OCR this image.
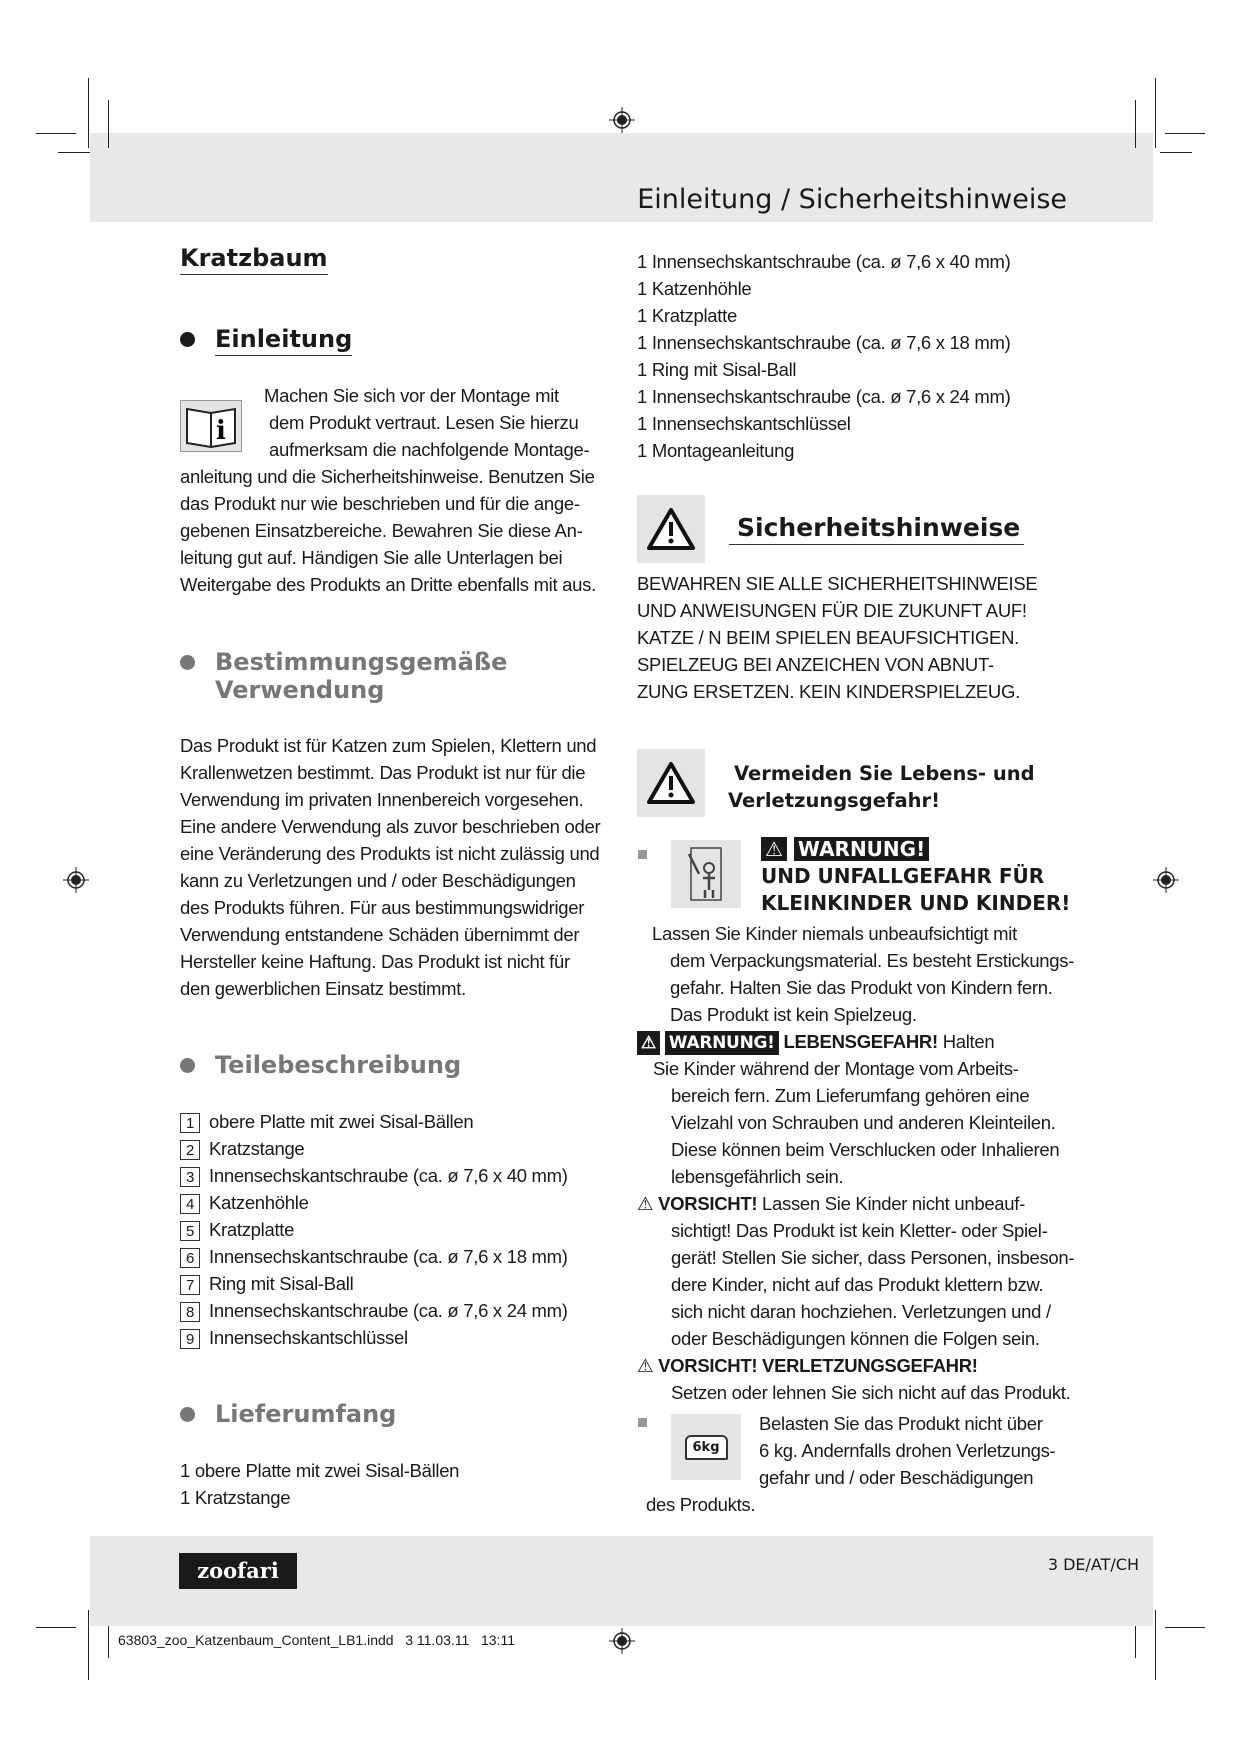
Einleitung / Sicherheitshinweise
Kratzbaum
Einleitung
i
Machen Sie sich vor der Montage mit
dem Produkt vertraut. Lesen Sie hierzu
aufmerksam die nachfolgende Montage-
anleitung und die Sicherheitshinweise. Benutzen Sie
das Produkt nur wie beschrieben und für die ange-
gebenen Einsatzbereiche. Bewahren Sie diese An-
leitung gut auf. Händigen Sie alle Unterlagen bei
Weitergabe des Produkts an Dritte ebenfalls mit aus.
Bestimmungsgemäße
Verwendung
Das Produkt ist für Katzen zum Spielen, Klettern und
Krallenwetzen bestimmt. Das Produkt ist nur für die
Verwendung im privaten Innenbereich vorgesehen.
Eine andere Verwendung als zuvor beschrieben oder
eine Veränderung des Produkts ist nicht zulässig und
kann zu Verletzungen und / oder Beschädigungen
des Produkts führen. Für aus bestimmungswidriger
Verwendung entstandene Schäden übernimmt der
Hersteller keine Haftung. Das Produkt ist nicht für
den gewerblichen Einsatz bestimmt.
Teilebeschreibung
1 obere Platte mit zwei Sisal-Bällen
2 Kratzstange
3 Innensechskantschraube (ca. ø 7,6 x 40 mm)
4 Katzenhöhle
5 Kratzplatte
6 Innensechskantschraube (ca. ø 7,6 x 18 mm)
7 Ring mit Sisal-Ball
8 Innensechskantschraube (ca. ø 7,6 x 24 mm)
9 Innensechskantschlüssel
Lieferumfang
1 obere Platte mit zwei Sisal-Bällen
1 Kratzstange
1 Innensechskantschraube (ca. ø 7,6 x 40 mm)
1 Katzenhöhle
1 Kratzplatte
1 Innensechskantschraube (ca. ø 7,6 x 18 mm)
1 Ring mit Sisal-Ball
1 Innensechskantschraube (ca. ø 7,6 x 24 mm)
1 Innensechskantschlüssel
1 Montageanleitung
Sicherheitshinweise
BEWAHREN SIE ALLE SICHERHEITSHINWEISE
UND ANWEISUNGEN FÜR DIE ZUKUNFT AUF!
KATZE / N BEIM SPIELEN BEAUFSICHTIGEN.
SPIELZEUG BEI ANZEICHEN VON ABNUT-
ZUNG ERSETZEN. KEIN KINDERSPIELZEUG.
Vermeiden Sie Lebens- und
Verletzungsgefahr!
⚠ WARNUNG!
UND UNFALLGEFAHR FÜR
KLEINKINDER UND KINDER!
Lassen Sie Kinder niemals unbeaufsichtigt mit
dem Verpackungsmaterial. Es besteht Erstickungs-
gefahr. Halten Sie das Produkt von Kindern fern.
Das Produkt ist kein Spielzeug.
⚠ WARNUNG! LEBENSGEFAHR! Halten
Sie Kinder während der Montage vom Arbeits-
bereich fern. Zum Lieferumfang gehören eine
Vielzahl von Schrauben und anderen Kleinteilen.
Diese können beim Verschlucken oder Inhalieren
lebensgefährlich sein.
⚠ VORSICHT! Lassen Sie Kinder nicht unbeauf-
sichtigt! Das Produkt ist kein Kletter- oder Spiel-
gerät! Stellen Sie sicher, dass Personen, insbeson-
dere Kinder, nicht auf das Produkt klettern bzw.
sich nicht daran hochziehen. Verletzungen und /
oder Beschädigungen können die Folgen sein.
⚠ VORSICHT! VERLETZUNGSGEFAHR!
Setzen oder lehnen Sie sich nicht auf das Produkt.
6kg
Belasten Sie das Produkt nicht über
6 kg. Andernfalls drohen Verletzungs-
gefahr und / oder Beschädigungen
des Produkts.
zoofari	3 DE/AT/CH
63803_zoo_Katzenbaum_Content_LB1.indd   3 11.03.11   13:11
